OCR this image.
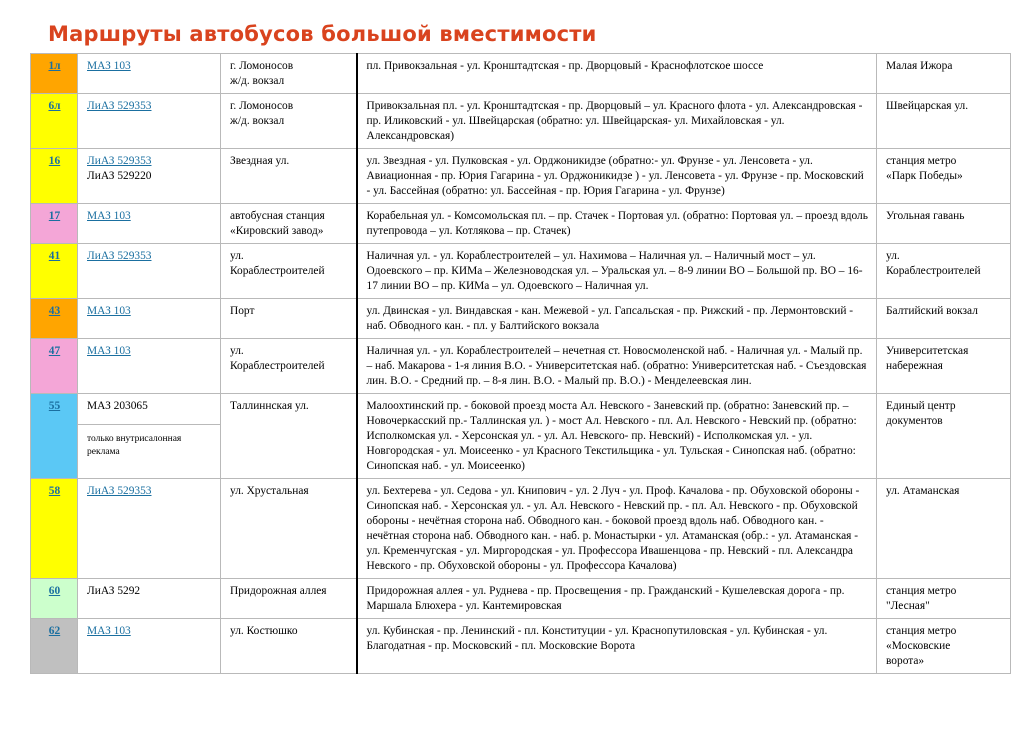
Маршруты автобусов большой вместимости
1л	МАЗ 103	г. Ломоносов
ж/д. вокзал	пл. Привокзальная - ул. Кронштадтская - пр. Дворцовый - Краснофлотское шоссе	Малая Ижора

6л	ЛиАЗ 529353	г. Ломоносов
ж/д. вокзал	Привокзальная пл. - ул. Кронштадтская - пр. Дворцовый – ул. Красного флота - ул. Александровская - пр. Иликовский - ул. Швейцарская (обратно: ул. Швейцарская- ул. Михайловская - ул. Александровская)	Швейцарская ул.

16	ЛиАЗ 529353
ЛиАЗ 529220	Звездная ул.	ул. Звездная - ул. Пулковская - ул. Орджоникидзе (обратно:- ул. Фрунзе - ул. Ленсовета - ул. Авиационная - пр. Юрия Гагарина - ул. Орджоникидзе ) - ул. Ленсовета - ул. Фрунзе - пр. Московский - ул. Бассейная (обратно: ул. Бассейная - пр. Юрия Гагарина - ул. Фрунзе)	станция метро
«Парк Победы»

17	МАЗ 103	автобусная станция
«Кировский завод»	Корабельная ул. - Комсомольская пл. – пр. Стачек - Портовая ул. (обратно: Портовая ул. – проезд вдоль путепровода – ул. Котлякова – пр. Стачек)	Угольная гавань

41	ЛиАЗ 529353	ул.
Кораблестроителей	Наличная ул. - ул. Кораблестроителей – ул. Нахимова – Наличная ул. – Наличный мост – ул. Одоевского – пр. КИМа – Железноводская ул. – Уральская ул. – 8-9 линии ВО – Большой пр. ВО – 16-17 линии ВО – пр. КИМа – ул. Одоевского – Наличная ул.	ул.
Кораблестроителей

43	МАЗ 103	Порт	ул. Двинская - ул. Виндавская - кан. Межевой - ул. Гапсальская - пр. Рижский - пр. Лермонтовский - наб. Обводного кан. - пл. у Балтийского вокзала	Балтийский вокзал

47	МАЗ 103	ул.
Кораблестроителей	Наличная ул. - ул. Кораблестроителей – нечетная ст. Новосмоленской наб. - Наличная ул. - Малый пр. – наб. Макарова - 1-я линия В.О. - Университетская наб. (обратно: Университетская наб. - Съездовская лин. В.О. - Средний пр. – 8-я лин. В.О. - Малый пр. В.О.) - Менделеевская лин.	Университетская
набережная

55	МАЗ 203065
только внутрисалонная реклама	Таллиннская ул.	Малоохтинский пр. - боковой проезд моста Ал. Невского - Заневский пр. (обратно: Заневский пр. – Новочеркасский пр.- Таллинская ул. ) - мост Ал. Невского - пл. Ал. Невского - Невский пр. (обратно: Исполкомская ул. - Херсонская ул. - ул. Ал. Невского- пр. Невский) - Исполкомская ул. - ул. Новгородская - ул. Моисеенко - ул Красного Текстильщика - ул. Тульская - Синопская наб. (обратно: Синопская наб. - ул. Моисеенко)	Единый центр
документов

58	ЛиАЗ 529353	ул. Хрустальная	ул. Бехтерева - ул. Седова - ул. Книпович - ул. 2 Луч - ул. Проф. Качалова - пр. Обуховской обороны - Синопская наб. - Херсонская ул. - ул. Ал. Невского - Невский пр. - пл. Ал. Невского - пр. Обуховской обороны - нечётная сторона наб. Обводного кан. - боковой проезд вдоль наб. Обводного кан. - нечётная сторона наб. Обводного кан. - наб. р. Монастырки - ул. Атаманская (обр.: - ул. Атаманская - ул. Кременчугская - ул. Миргородская - ул. Профессора Ивашенцова - пр. Невский - пл. Александра Невского - пр. Обуховской обороны - ул. Профессора Качалова)	ул. Атаманская

60	ЛиАЗ 5292	Придорожная аллея	Придорожная аллея - ул. Руднева - пр. Просвещения - пр. Гражданский - Кушелевская дорога - пр. Маршала Блюхера - ул. Кантемировская	станция метро
"Лесная"

62	МАЗ 103	ул. Костюшко	ул. Кубинская - пр. Ленинский - пл. Конституции - ул. Краснопутиловская - ул. Кубинская - ул. Благодатная - пр. Московский - пл. Московские Ворота	станция метро
«Московские
ворота»
